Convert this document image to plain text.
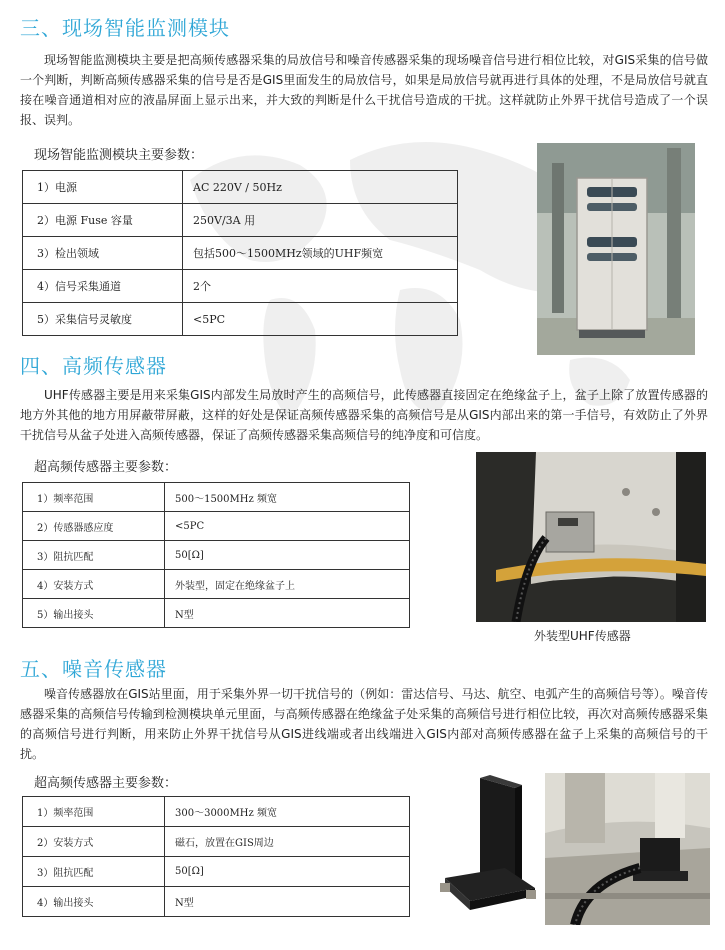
三、现场智能监测模块
现场智能监测模块主要是把高频传感器采集的局放信号和噪音传感器采集的现场噪音信号进行相位比较，对GIS采集的信号做一个判断，判断高频传感器采集的信号是否是GIS里面发生的局放信号，如果是局放信号就再进行具体的处理，不是局放信号就直接在噪音通道相对应的液晶屏面上显示出来，并大致的判断是什么干扰信号造成的干扰。这样就防止外界干扰信号造成了一个误报、误判。
现场智能监测模块主要参数：
1）电源	AC 220V / 50Hz
2）电源 Fuse 容量	250V/3A 用
3）检出领域	包括500～1500MHz领域的UHF频宽
4）信号采集通道	2个
5）采集信号灵敏度	<5PC
四、高频传感器
UHF传感器主要是用来采集GIS内部发生局放时产生的高频信号，此传感器直接固定在绝缘盆子上，盆子上除了放置传感器的地方外其他的地方用屏蔽带屏蔽，这样的好处是保证高频传感器采集的高频信号是从GIS内部出来的第一手信号，有效防止了外界干扰信号从盆子处进入高频传感器，保证了高频传感器采集高频信号的纯净度和可信度。
超高频传感器主要参数：
1）频率范围	500～1500MHz 频宽
2）传感器感应度	<5PC
3）阻抗匹配	50[Ω]
4）安装方式	外装型，固定在绝缘盆子上
5）输出接头	N型
外装型UHF传感器
五、噪音传感器
噪音传感器放在GIS站里面，用于采集外界一切干扰信号的（例如：雷达信号、马达、航空、电弧产生的高频信号等）。噪音传感器采集的高频信号传输到检测模块单元里面，与高频传感器在绝缘盆子处采集的高频信号进行相位比较，再次对高频传感器采集的高频信号进行判断，用来防止外界干扰信号从GIS进线端或者出线端进入GIS内部对高频传感器在盆子上采集的高频信号的干扰。
超高频传感器主要参数：
1）频率范围	300～3000MHz 频宽
2）安装方式	磁石，放置在GIS周边
3）阻抗匹配	50[Ω]
4）输出接头	N型
